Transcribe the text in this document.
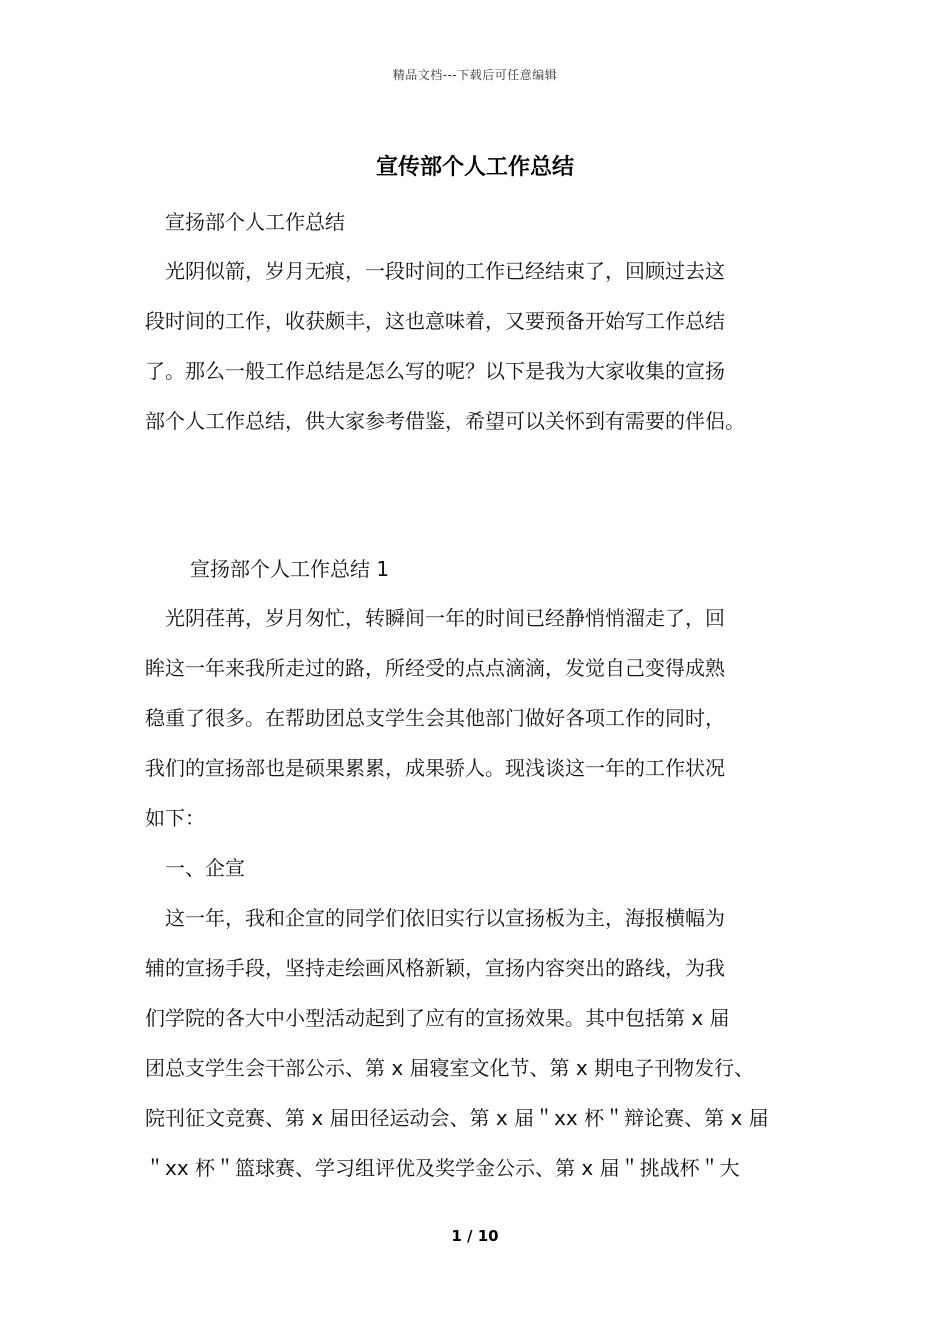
精品文档---下载后可任意编辑
宣传部个人工作总结
宣扬部个人工作总结
光阴似箭，岁月无痕，一段时间的工作已经结束了，回顾过去这
段时间的工作，收获颇丰，这也意味着，又要预备开始写工作总结
了。那么一般工作总结是怎么写的呢？以下是我为大家收集的宣扬
部个人工作总结，供大家参考借鉴，希望可以关怀到有需要的伴侣。
宣扬部个人工作总结 1
光阴荏苒，岁月匆忙，转瞬间一年的时间已经静悄悄溜走了，回
眸这一年来我所走过的路，所经受的点点滴滴，发觉自己变得成熟
稳重了很多。在帮助团总支学生会其他部门做好各项工作的同时，
我们的宣扬部也是硕果累累，成果骄人。现浅谈这一年的工作状况
如下：
一、企宣
这一年，我和企宣的同学们依旧实行以宣扬板为主，海报横幅为
辅的宣扬手段，坚持走绘画风格新颖，宣扬内容突出的路线，为我
们学院的各大中小型活动起到了应有的宣扬效果。其中包括第 x 届
团总支学生会干部公示、第 x 届寝室文化节、第 x 期电子刊物发行、
院刊征文竞赛、第 x 届田径运动会、第 x 届＂xx 杯＂辩论赛、第 x 届
＂xx 杯＂篮球赛、学习组评优及奖学金公示、第 x 届＂挑战杯＂大
1 / 10
